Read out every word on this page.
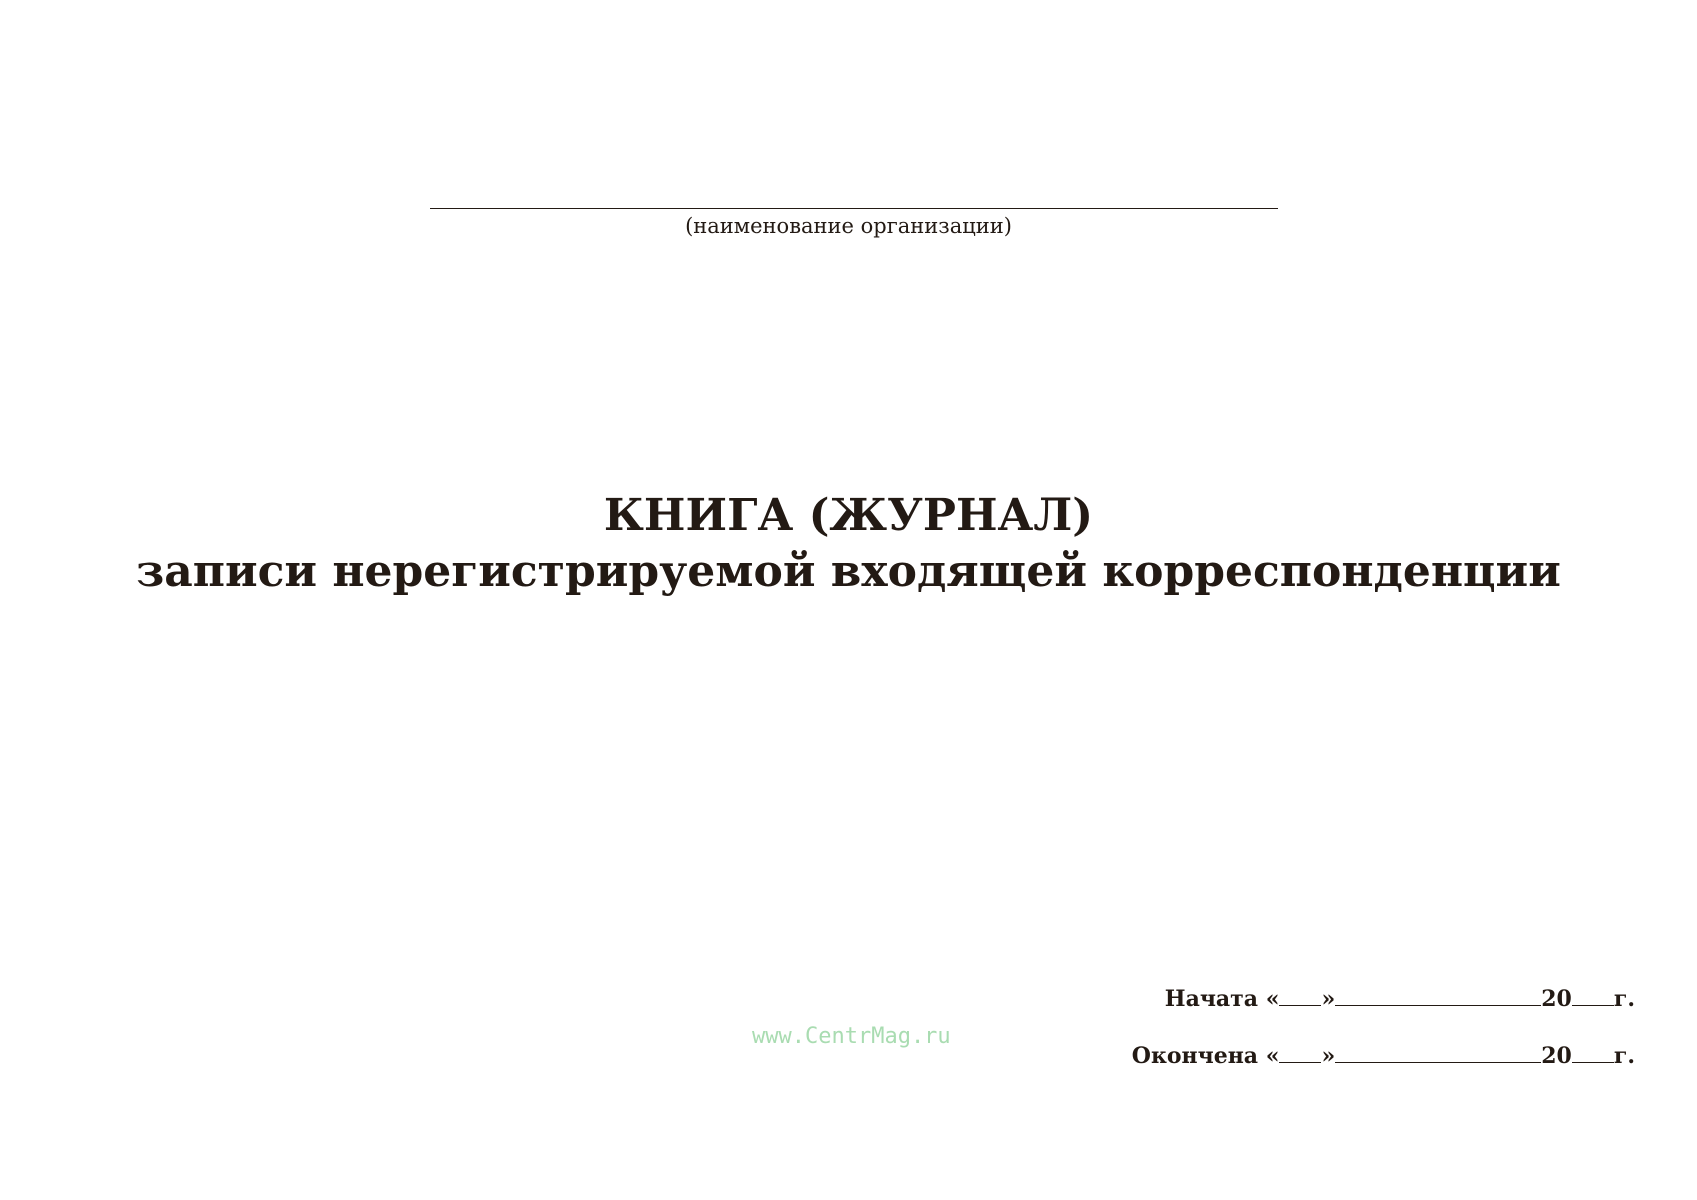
(наименование организации)
КНИГА (ЖУРНАЛ)
записи нерегистрируемой входящей корреспонденции
www.CentrMag.ru
Начата « »	20 г.
Окончена « »	20 г.
